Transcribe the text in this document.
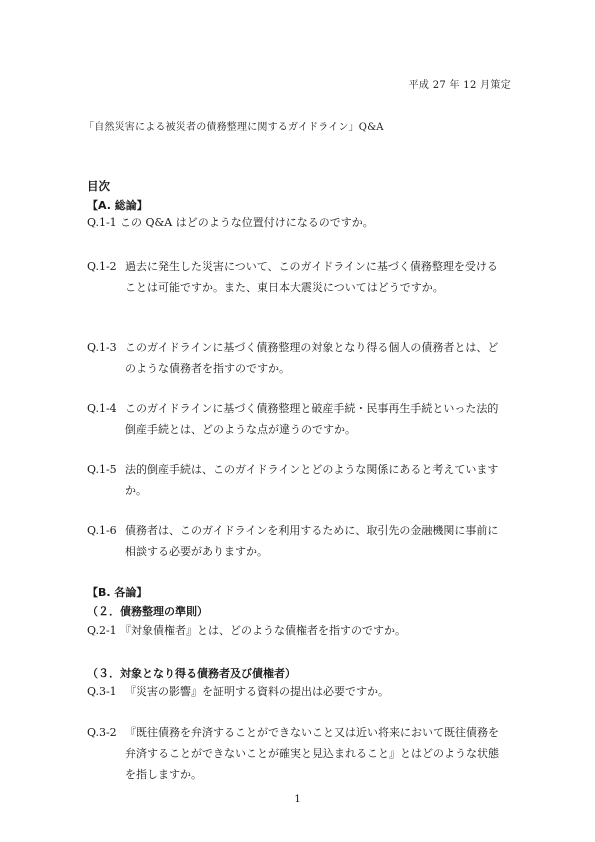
平成 27 年 12 月策定
「自然災害による被災者の債務整理に関するガイドライン」Q&A
目次
【A. 総論】
Q.1-1 この Q&A はどのような位置付けになるのですか。
Q.1-2 過去に発生した災害について、このガイドラインに基づく債務整理を受けることは可能ですか。また、東日本大震災についてはどうですか。
Q.1-3 このガイドラインに基づく債務整理の対象となり得る個人の債務者とは、どのような債務者を指すのですか。
Q.1-4 このガイドラインに基づく債務整理と破産手続・民事再生手続といった法的倒産手続とは、どのような点が違うのですか。
Q.1-5 法的倒産手続は、このガイドラインとどのような関係にあると考えていますか。
Q.1-6 債務者は、このガイドラインを利用するために、取引先の金融機関に事前に相談する必要がありますか。
【B. 各論】
（２．債務整理の準則）
Q.2-1 『対象債権者』とは、どのような債権者を指すのですか。
（３．対象となり得る債務者及び債権者）
Q.3-1 『災害の影響』を証明する資料の提出は必要ですか。
Q.3-2 『既往債務を弁済することができないこと又は近い将来において既往債務を弁済することができないことが確実と見込まれること』とはどのような状態を指しますか。
1
